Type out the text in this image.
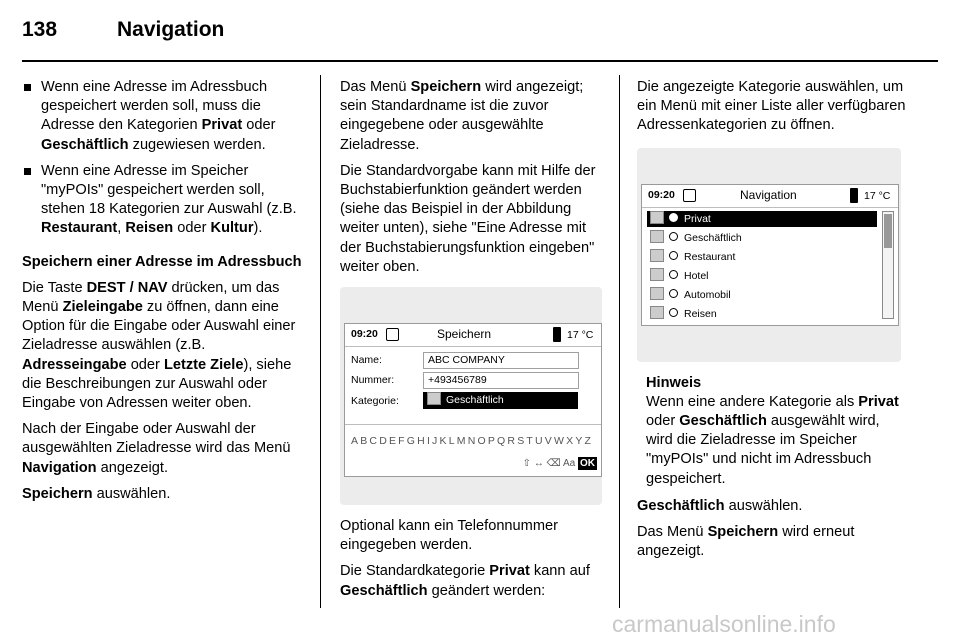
138	Navigation
Wenn eine Adresse im Adressbuch gespeichert werden soll, muss die Adresse den Kategorien Privat oder Geschäftlich zugewiesen werden.
Wenn eine Adresse im Speicher "myPOIs" gespeichert werden soll, stehen 18 Kategorien zur Auswahl (z.B. Restaurant, Reisen oder Kultur).

Speichern einer Adresse im Adressbuch

Die Taste DEST / NAV drücken, um das Menü Zieleingabe zu öffnen, dann eine Option für die Eingabe oder Auswahl einer Zieladresse auswählen (z.B. Adresseingabe oder Letzte Ziele), siehe die Beschreibungen zur Auswahl oder Eingabe von Adressen weiter oben.

Nach der Eingabe oder Auswahl der ausgewählten Zieladresse wird das Menü Navigation angezeigt.

Speichern auswählen.

Das Menü Speichern wird angezeigt; sein Standardname ist die zuvor eingegebene oder ausgewählte Zieladresse.

Die Standardvorgabe kann mit Hilfe der Buchstabierfunktion geändert werden (siehe das Beispiel in der Abbildung weiter unten), siehe "Eine Adresse mit der Buchstabierungsfunktion eingeben" weiter oben.

09:20	Speichern	17 °C
Name:	ABC COMPANY
Nummer:	+493456789
Kategorie:	Geschäftlich
ABCDEFGHIJKLMNOPQRSTUVWXYZ
⇧ ↔ ⌫ Aa OK

Optional kann ein Telefonnummer eingegeben werden.

Die Standardkategorie Privat kann auf Geschäftlich geändert werden:

Die angezeigte Kategorie auswählen, um ein Menü mit einer Liste aller verfügbaren Adressenkategorien zu öffnen.

09:20	Navigation	17 °C
Privat
Geschäftlich
Restaurant
Hotel
Automobil
Reisen

Hinweis

Wenn eine andere Kategorie als Privat oder Geschäftlich ausgewählt wird, wird die Zieladresse im Speicher "myPOIs" und nicht im Adressbuch gespeichert.

Geschäftlich auswählen.

Das Menü Speichern wird erneut angezeigt.

carmanualsonline.info
